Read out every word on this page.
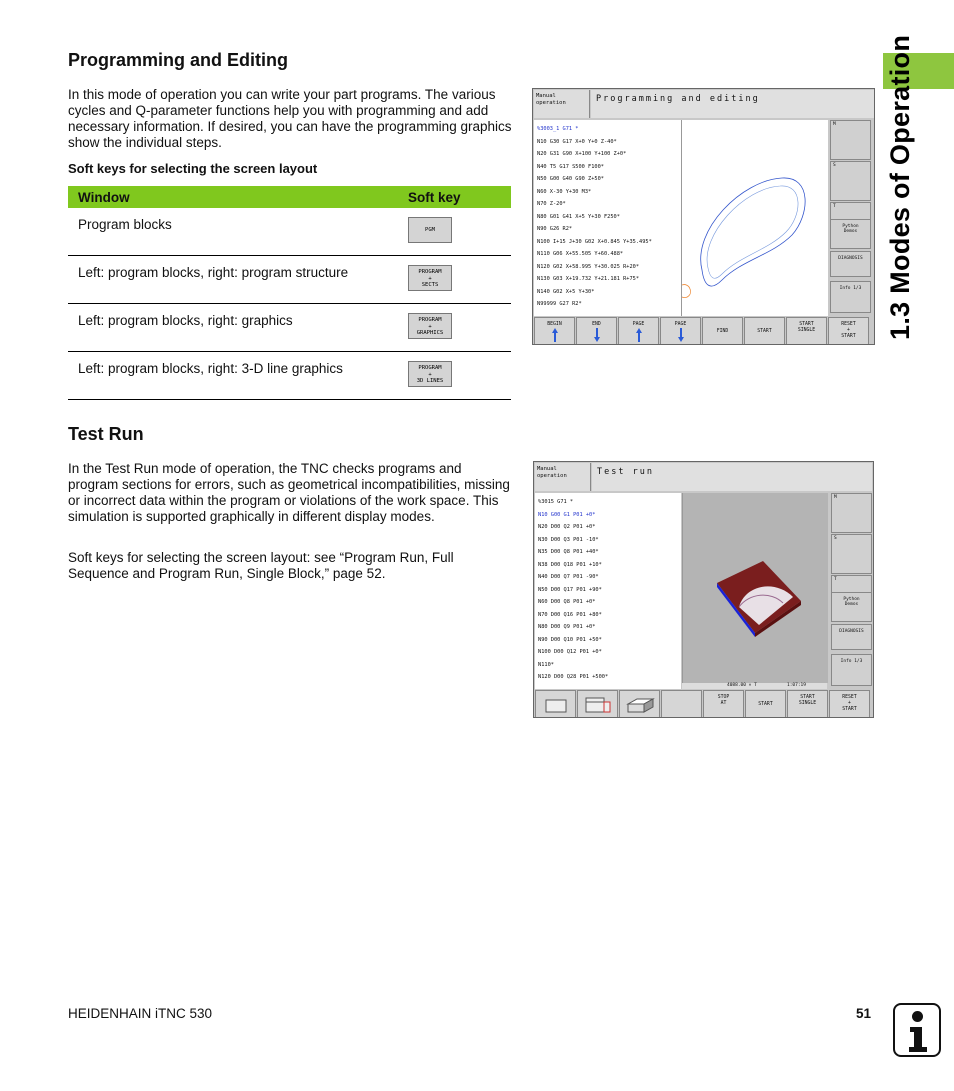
1.3 Modes of Operation
Programming and Editing

In this mode of operation you can write your part programs. The various cycles and Q-parameter functions help you with programming and add necessary information. If desired, you can have the programming graphics show the individual steps.

Soft keys for selecting the screen layout
Window	Soft key
Program blocks	PGM
Left: program blocks, right: program structure	PROGRAM
+
SECTS
Left: program blocks, right: graphics	PROGRAM
+
GRAPHICS
Left: program blocks, right: 3-D line graphics	PROGRAM
+
3D LINES
Manual
operation	Programming and editing
%3003_1 G71 *
N10 G30 G17 X+0 Y+0 Z-40*
N20 G31 G90 X+100 Y+100 Z+0*
N40 T5 G17 S500 F100*
N50 G00 G40 G90 Z+50*
N60 X-30 Y+30 M3*
N70 Z-20*
N80 G01 G41 X+5 Y+30 F250*
N90 G26 R2*
N100 I+15 J+30 G02 X+0.845 Y+35.495*
N110 G06 X+55.505 Y+60.488*
N120 G02 X+58.995 Y+30.025 R+20*
N130 G03 X+19.732 Y+21.181 R+75*
N140 G02 X+5 Y+30*
N99999 G27 R2*
M
S
T
Python
Demos
DIAGNOSIS
Info 1/3
BEGIN	END	PAGE	PAGE
FIND	START
START
SINGLE
RESET
+
START
Test Run

In the Test Run mode of operation, the TNC checks programs and program sections for errors, such as geometrical incompatibilities, missing or incorrect data within the program or violations of the work space. This simulation is supported graphically in different display modes.

Soft keys for selecting the screen layout: see “Program Run, Full Sequence and Program Run, Single Block,” page 52.

Manual
operation	Test run
%3015 G71 *
N10 G00 G1 P01 +0*
N20 D00 Q2 P01 +0*
N30 D00 Q3 P01 -10*
N35 D00 Q8 P01 +40*
N38 D00 Q18 P01 +10*
N40 D00 Q7 P01 -90*
N50 D00 Q17 P01 +90*
N60 D00 Q8 P01 +0*
N70 D00 Q16 P01 +80*
N80 D00 Q9 P01 +0*
N90 D00 Q10 P01 +50*
N100 D00 Q12 P01 +0*
N110*
N120 D00 Q28 P01 +500*
4088.00 × T	1:07:19
M
S
T
Python
Demos
DIAGNOSIS
Info 1/3
STOP
AT	START
START
SINGLE
RESET
+
START
HEIDENHAIN iTNC 530	51
